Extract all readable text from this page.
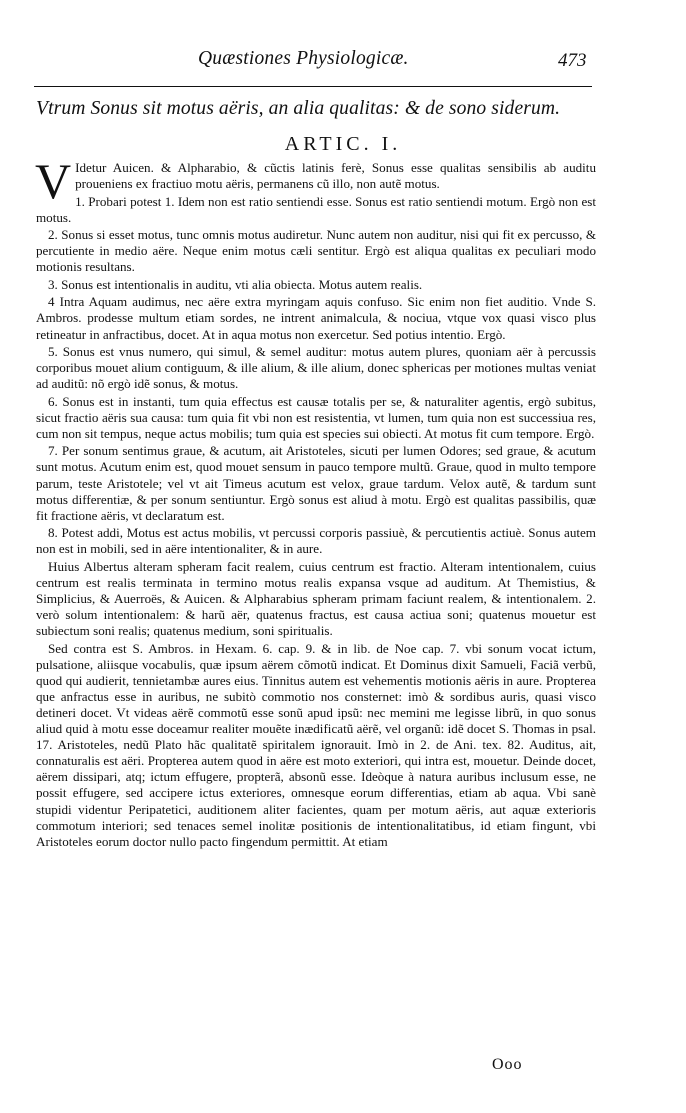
Quæstiones Physiologicæ.	473
Vtrum Sonus sit motus aëris, an alia qualitas: & de sono siderum.
ARTIC. I.

V Idetur Auicen. & Alpharabio, & cũctis latinis ferè, Sonus esse qualitas sensibilis ab auditu proueniens ex fractiuo motu aëris, permanens cũ illo, non autẽ motus.

1. Probari potest 1. Idem non est ratio sentiendi esse. Sonus est ratio sentiendi motum. Ergò non est motus.

2. Sonus si esset motus, tunc omnis motus audiretur. Nunc autem non auditur, nisi qui fit ex percusso, & percutiente in medio aëre. Neque enim motus cæli sentitur. Ergò est aliqua qualitas ex peculiari modo motionis resultans.

3. Sonus est intentionalis in auditu, vti alia obiecta. Motus autem realis.

4 Intra Aquam audimus, nec aëre extra myringam aquis confuso. Sic enim non fiet auditio. Vnde S. Ambros. prodesse multum etiam sordes, ne intrent animalcula, & nociua, vtque vox quasi visco plus retineatur in anfractibus, docet. At in aqua motus non exercetur. Sed potius intentio. Ergò.

5. Sonus est vnus numero, qui simul, & semel auditur: motus autem plures, quoniam aër à percussis corporibus mouet alium contiguum, & ille alium, & ille alium, donec sphericas per motiones multas veniat ad auditũ: nõ ergò idẽ sonus, & motus.

6. Sonus est in instanti, tum quia effectus est causæ totalis per se, & naturaliter agentis, ergò subitus, sicut fractio aëris sua causa: tum quia fit vbi non est resistentia, vt lumen, tum quia non est successiua res, cum non sit tempus, neque actus mobilis; tum quia est species sui obiecti. At motus fit cum tempore. Ergò.

7. Per sonum sentimus graue, & acutum, ait Aristoteles, sicuti per lumen Odores; sed graue, & acutum sunt motus. Acutum enim est, quod mouet sensum in pauco tempore multũ. Graue, quod in multo tempore parum, teste Aristotele; vel vt ait Timeus acutum est velox, graue tardum. Velox autẽ, & tardum sunt motus differentiæ, & per sonum sentiuntur. Ergò sonus est aliud à motu. Ergò est qualitas passibilis, quæ fit fractione aëris, vt declaratum est.

8. Potest addi, Motus est actus mobilis, vt percussi corporis passiuè, & percutientis actiuè. Sonus autem non est in mobili, sed in aëre intentionaliter, & in aure.

Huius Albertus alteram spheram facit realem, cuius centrum est fractio. Alteram intentionalem, cuius centrum est realis terminata in termino motus realis expansa vsque ad auditum. At Themistius, & Simplicius, & Auerroës, & Auicen. & Alpharabius spheram primam faciunt realem, & intentionalem. 2. verò solum intentionalem: & harũ aër, quatenus fractus, est causa actiua soni; quatenus mouetur est subiectum soni realis; quatenus medium, soni spiritualis.

Sed contra est S. Ambros. in Hexam. 6. cap. 9. & in lib. de Noe cap. 7. vbi sonum vocat ictum, pulsatione, aliisque vocabulis, quæ ipsum aërem cõmotũ indicat. Et Dominus dixit Samueli, Faciã verbũ, quod qui audierit, tennietambæ aures eius. Tinnitus autem est vehementis motionis aëris in aure. Propterea que anfractus esse in auribus, ne subitò commotio nos consternet: imò & sordibus auris, quasi visco detineri docet. Vt videas aërẽ commotũ esse sonũ apud ipsũ: nec memini me legisse librũ, in quo sonus aliud quid à motu esse doceamur realiter mouẽte inædificatũ aërẽ, vel organũ: idẽ docet S. Thomas in psal. 17. Aristoteles, nedũ Plato hãc qualitatẽ spiritalem ignorauit. Imò in 2. de Ani. tex. 82. Auditus, ait, connaturalis est aëri. Propterea autem quod in aëre est moto exteriori, qui intra est, mouetur. Deinde docet, aërem dissipari, atq; ictum effugere, propterã, absonũ esse. Ideòque à natura auribus inclusum esse, ne possit effugere, sed accipere ictus exteriores, omnesque eorum differentias, etiam ab aqua. Vbi sanè stupidi videntur Peripatetici, auditionem aliter facientes, quam per motum aëris, aut aquæ exterioris commotum interiori; sed tenaces semel inolitæ positionis de intentionalitatibus, id etiam fingunt, vbi Aristoteles eorum doctor nullo pacto fingendum permittit. At etiam

Ooo
